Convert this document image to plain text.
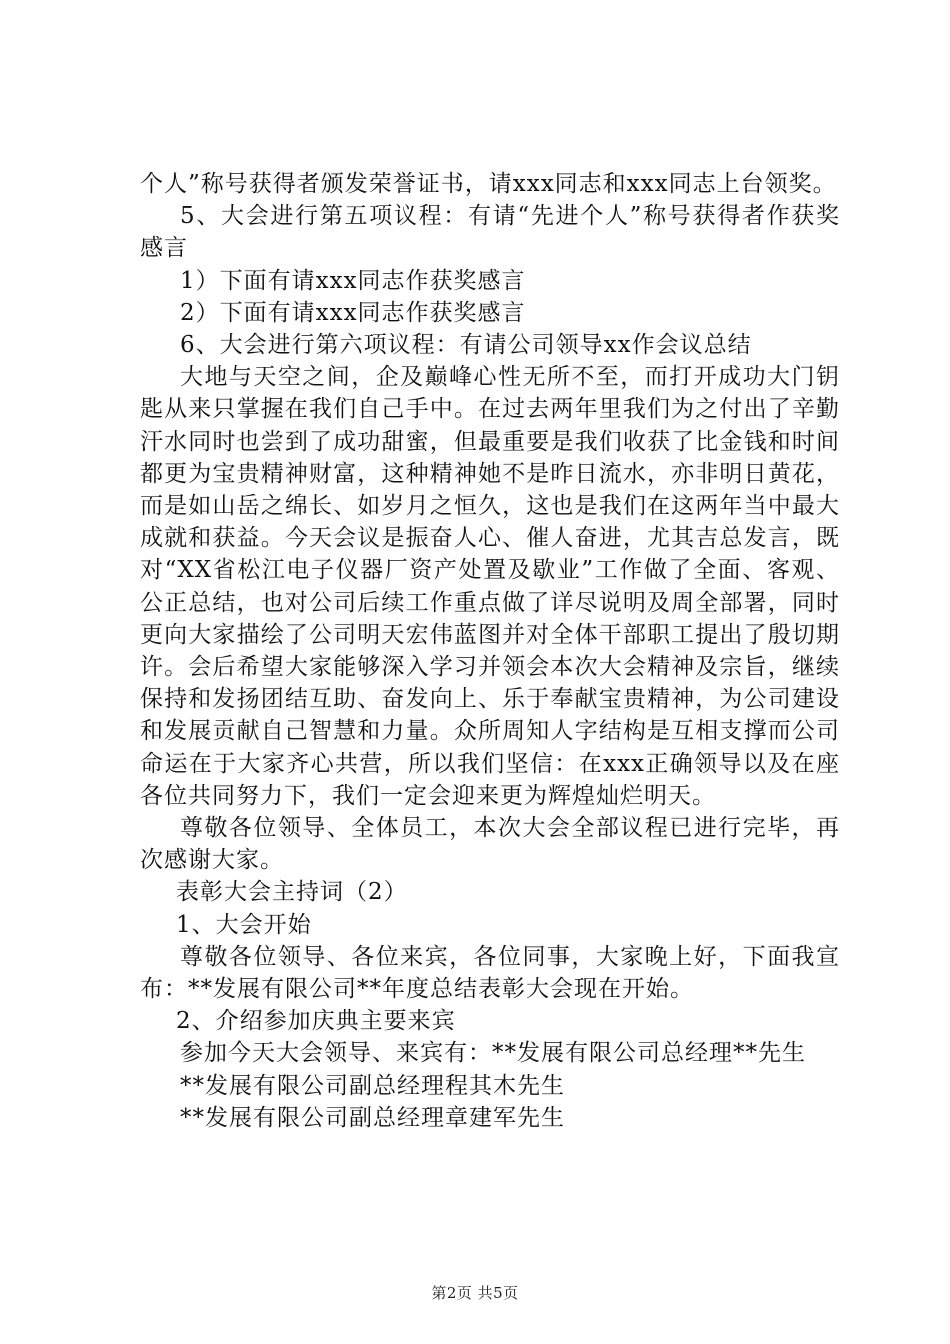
个人”称号获得者颁发荣誉证书，请xxx同志和xxx同志上台领奖。

5、大会进行第五项议程：有请“先进个人”称号获得者作获奖感言

1）下面有请xxx同志作获奖感言

2）下面有请xxx同志作获奖感言

6、大会进行第六项议程：有请公司领导xx作会议总结

大地与天空之间，企及巅峰心性无所不至，而打开成功大门钥匙从来只掌握在我们自己手中。在过去两年里我们为之付出了辛勤汗水同时也尝到了成功甜蜜，但最重要是我们收获了比金钱和时间都更为宝贵精神财富，这种精神她不是昨日流水，亦非明日黄花，而是如山岳之绵长、如岁月之恒久，这也是我们在这两年当中最大成就和获益。今天会议是振奋人心、催人奋进，尤其吉总发言，既对“XX省松江电子仪器厂资产处置及歇业”工作做了全面、客观、公正总结，也对公司后续工作重点做了详尽说明及周全部署，同时更向大家描绘了公司明天宏伟蓝图并对全体干部职工提出了殷切期许。会后希望大家能够深入学习并领会本次大会精神及宗旨，继续保持和发扬团结互助、奋发向上、乐于奉献宝贵精神，为公司建设和发展贡献自己智慧和力量。众所周知人字结构是互相支撑而公司命运在于大家齐心共营，所以我们坚信：在xxx正确领导以及在座各位共同努力下，我们一定会迎来更为辉煌灿烂明天。

尊敬各位领导、全体员工，本次大会全部议程已进行完毕，再次感谢大家。

表彰大会主持词（2）

1、大会开始

尊敬各位领导、各位来宾，各位同事，大家晚上好，下面我宣布：**发展有限公司**年度总结表彰大会现在开始。

2、介绍参加庆典主要来宾

参加今天大会领导、来宾有：**发展有限公司总经理**先生

**发展有限公司副总经理程其木先生

**发展有限公司副总经理章建军先生

第2页 共5页
